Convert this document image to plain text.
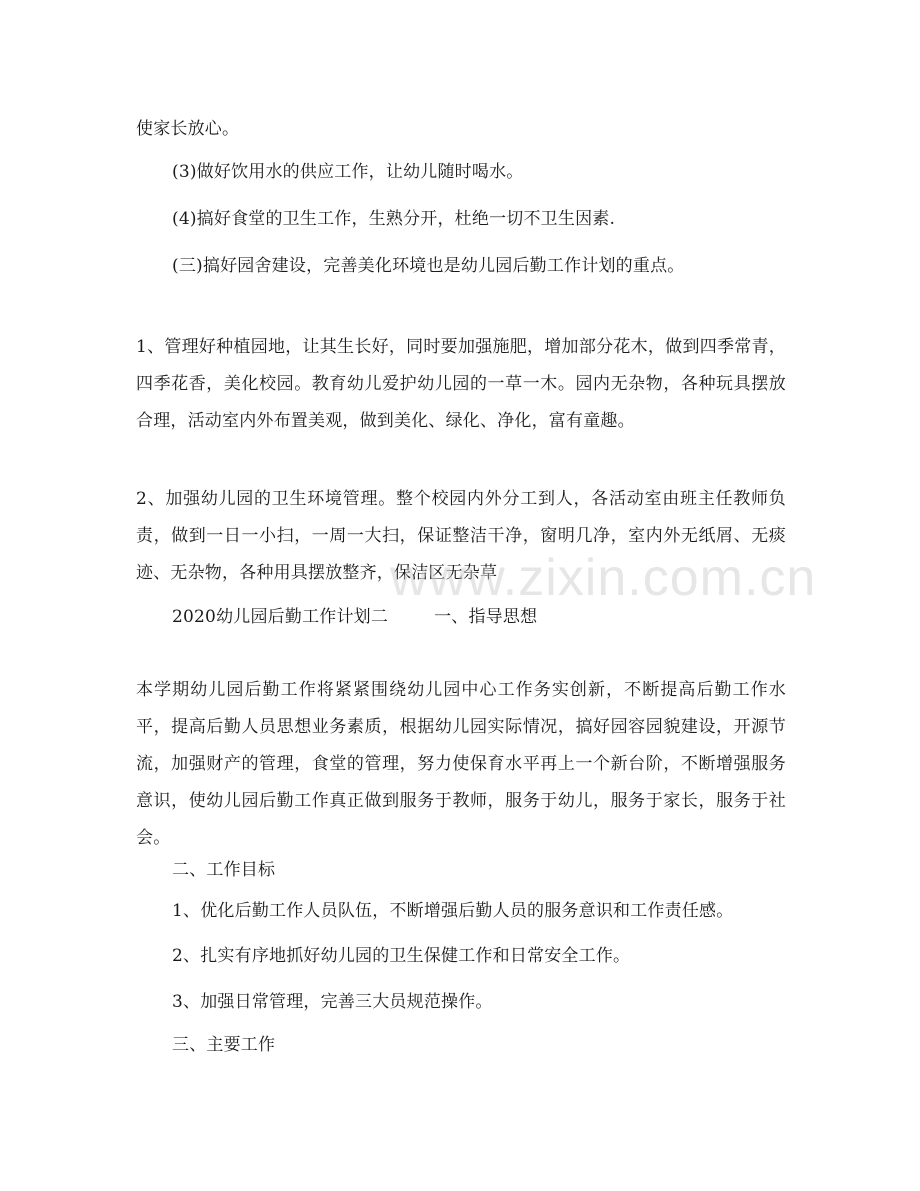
使家长放心。
(3)做好饮用水的供应工作，让幼儿随时喝水。
(4)搞好食堂的卫生工作，生熟分开，杜绝一切不卫生因素.
(三)搞好园舍建设，完善美化环境也是幼儿园后勤工作计划的重点。
1、管理好种植园地，让其生长好，同时要加强施肥，增加部分花木，做到四季常青，四季花香，美化校园。教育幼儿爱护幼儿园的一草一木。园内无杂物，各种玩具摆放合理，活动室内外布置美观，做到美化、绿化、净化，富有童趣。
2、加强幼儿园的卫生环境管理。整个校园内外分工到人，各活动室由班主任教师负责，做到一日一小扫，一周一大扫，保证整洁干净，窗明几净，室内外无纸屑、无痰迹、无杂物，各种用具摆放整齐，保洁区无杂草
2020幼儿园后勤工作计划二	一、指导思想
本学期幼儿园后勤工作将紧紧围绕幼儿园中心工作务实创新，不断提高后勤工作水平，提高后勤人员思想业务素质，根据幼儿园实际情况，搞好园容园貌建设，开源节流，加强财产的管理，食堂的管理，努力使保育水平再上一个新台阶，不断增强服务意识，使幼儿园后勤工作真正做到服务于教师，服务于幼儿，服务于家长，服务于社会。
二、工作目标
1、优化后勤工作人员队伍，不断增强后勤人员的服务意识和工作责任感。
2、扎实有序地抓好幼儿园的卫生保健工作和日常安全工作。
3、加强日常管理，完善三大员规范操作。
三、主要工作
www.zixin.com.cn
